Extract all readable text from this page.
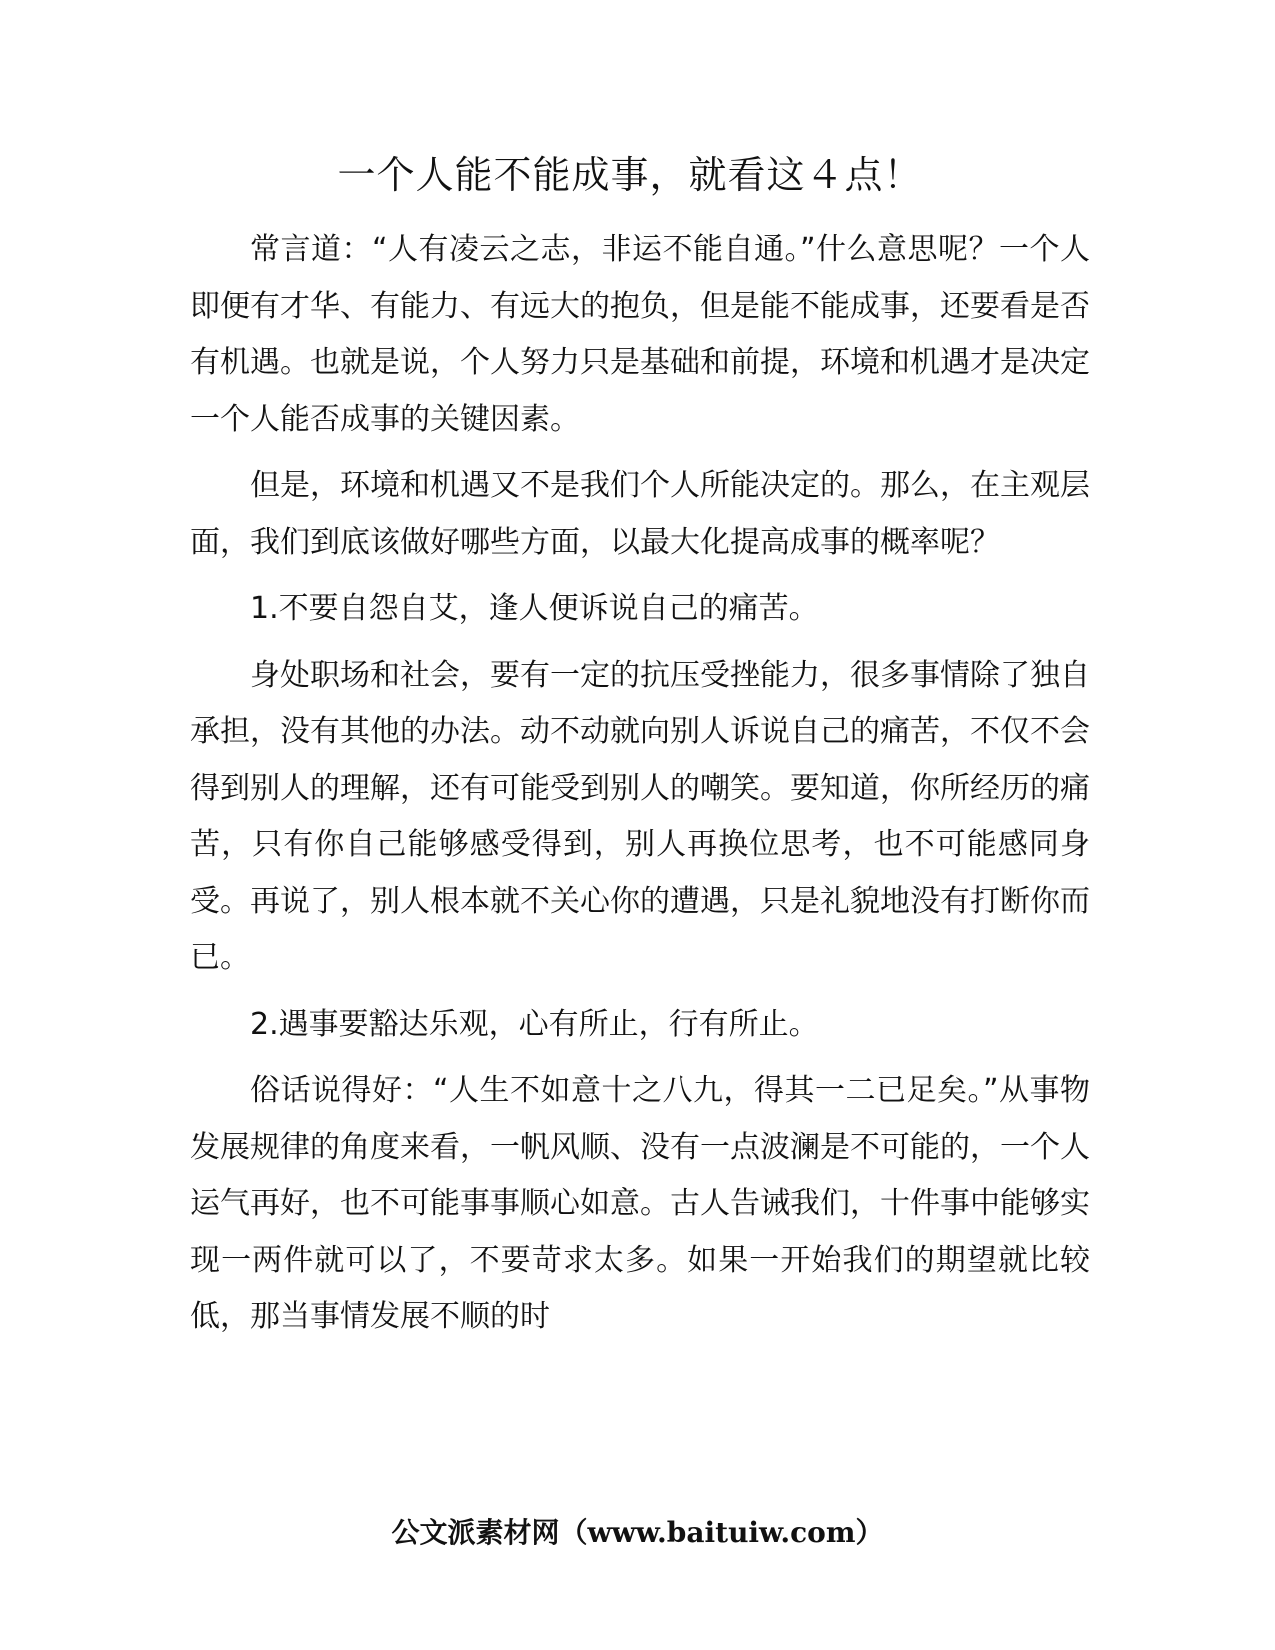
一个人能不能成事，就看这４点！

常言道：“人有凌云之志，非运不能自通。”什么意思呢？一个人即便有才华、有能力、有远大的抱负，但是能不能成事，还要看是否有机遇。也就是说，个人努力只是基础和前提，环境和机遇才是决定一个人能否成事的关键因素。

但是，环境和机遇又不是我们个人所能决定的。那么，在主观层面，我们到底该做好哪些方面，以最大化提高成事的概率呢？

1.不要自怨自艾，逢人便诉说自己的痛苦。

身处职场和社会，要有一定的抗压受挫能力，很多事情除了独自承担，没有其他的办法。动不动就向别人诉说自己的痛苦，不仅不会得到别人的理解，还有可能受到别人的嘲笑。要知道，你所经历的痛苦，只有你自己能够感受得到，别人再换位思考，也不可能感同身受。再说了，别人根本就不关心你的遭遇，只是礼貌地没有打断你而已。

2.遇事要豁达乐观，心有所止，行有所止。

俗话说得好：“人生不如意十之八九，得其一二已足矣。”从事物发展规律的角度来看，一帆风顺、没有一点波澜是不可能的，一个人运气再好，也不可能事事顺心如意。古人告诫我们，十件事中能够实现一两件就可以了，不要苛求太多。如果一开始我们的期望就比较低，那当事情发展不顺的时

公文派素材网（www.baituiw.com）
